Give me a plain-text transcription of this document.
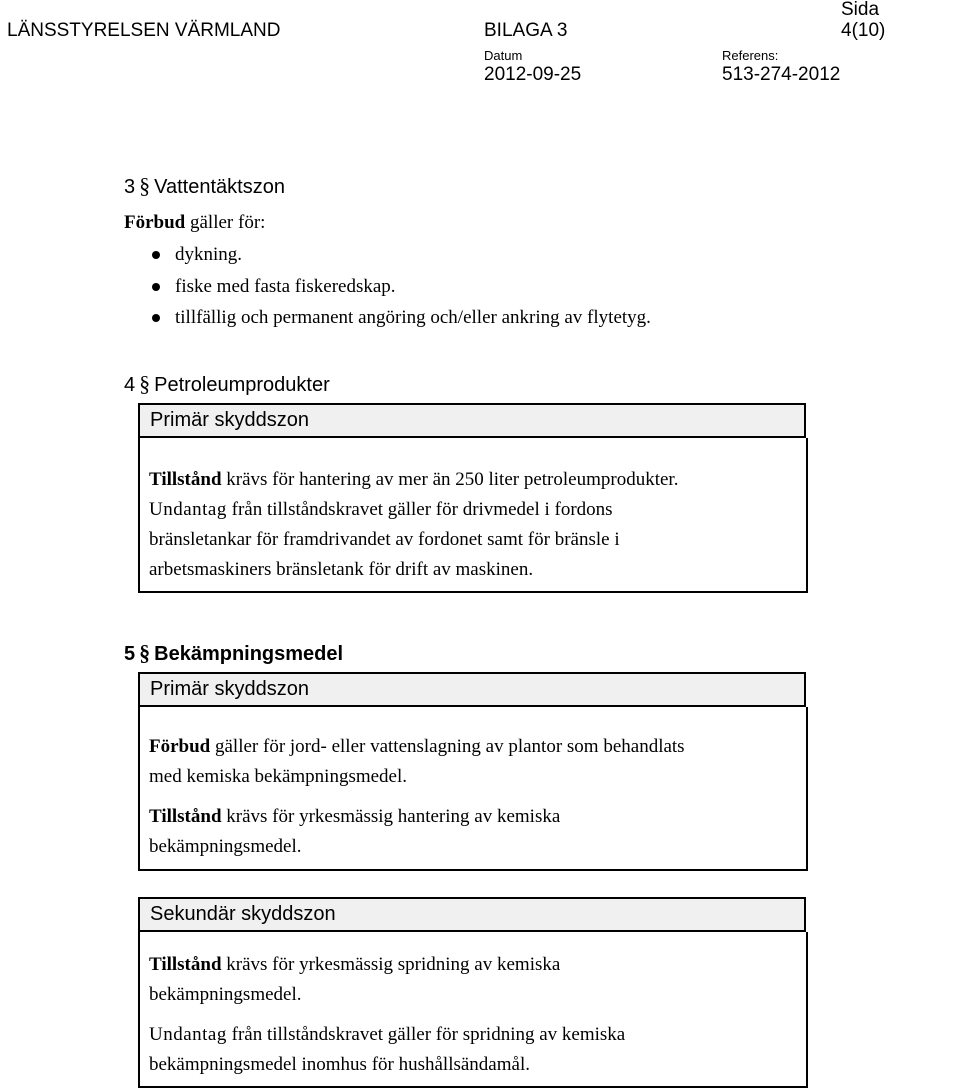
LÄNSSTYRELSEN VÄRMLAND	BILAGA 3
Sida
4(10)
Datum
2012-09-25
Referens:
513-274-2012
3 § Vattentäktszon
Förbud gäller för:
dykning.
fiske med fasta fiskeredskap.
tillfällig och permanent angöring och/eller ankring av flytetyg.
4 § Petroleumprodukter
Primär skyddszon
Tillstånd krävs för hantering av mer än 250 liter petroleumprodukter.
Undantag från tillståndskravet gäller för drivmedel i fordons
bränsletankar för framdrivandet av fordonet samt för bränsle i
arbetsmaskiners bränsletank för drift av maskinen.
5 § Bekämpningsmedel
Primär skyddszon
Förbud gäller för jord- eller vattenslagning av plantor som behandlats
med kemiska bekämpningsmedel.
Tillstånd krävs för yrkesmässig hantering av kemiska
bekämpningsmedel.
Sekundär skyddszon
Tillstånd krävs för yrkesmässig spridning av kemiska
bekämpningsmedel.
Undantag från tillståndskravet gäller för spridning av kemiska
bekämpningsmedel inomhus för hushållsändamål.
